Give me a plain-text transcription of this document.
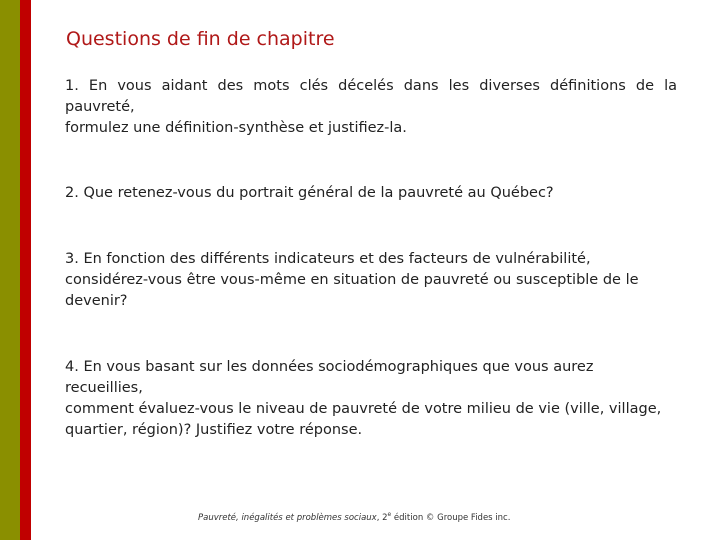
Questions de fin de chapitre
1. En vous aidant des mots clés décelés dans les diverses définitions de la
pauvreté,
formulez une définition-synthèse et justifiez-la.
2. Que retenez-vous du portrait général de la pauvreté au Québec?
3. En fonction des différents indicateurs et des facteurs de vulnérabilité,
considérez-vous être vous-même en situation de pauvreté ou susceptible de le
devenir?
4. En vous basant sur les données sociodémographiques que vous aurez
recueillies,
comment évaluez-vous le niveau de pauvreté de votre milieu de vie (ville, village,
quartier, région)? Justifiez votre réponse.
Pauvreté, inégalités et problèmes sociaux, 2e édition © Groupe Fides inc.
